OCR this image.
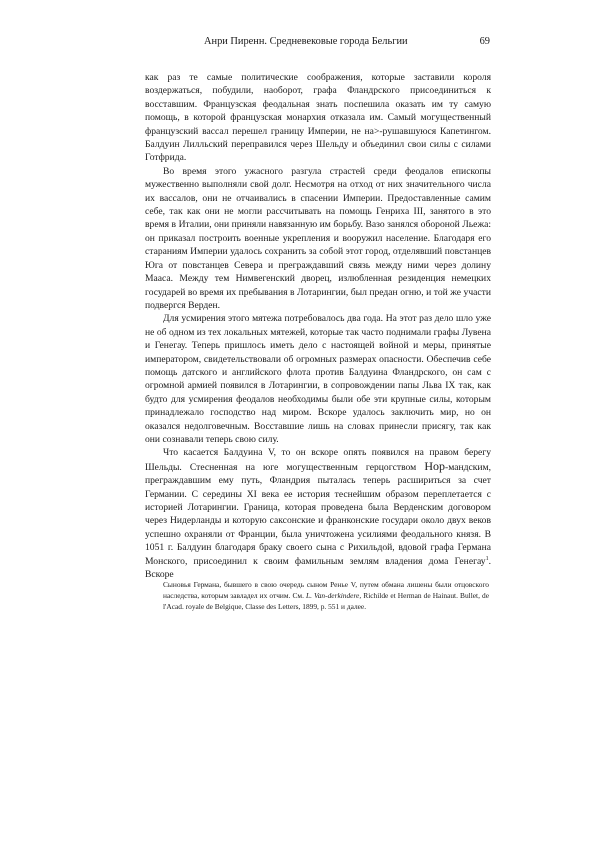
Анри Пиренн. Средневековые города Бельгии	69

как раз те самые политические соображения, которые заставили короля воздержаться, побудили, наоборот, графа Фландрского присоединиться к восставшим. Французская феодальная знать поспешила оказать им ту самую помощь, в которой французская монархия отказала им. Самый могущественный французский вассал перешел границу Империи, не на>-рушавшуюся Капетингом. Балдуин Лилльский переправился через Шельду и объединил свои силы с силами Готфрида.

Во время этого ужасного разгула страстей среди феодалов епископы мужественно выполняли свой долг. Несмотря на отход от них значительного числа их вассалов, они не отчаивались в спасении Империи. Предоставленные самим себе, так как они не могли рассчитывать на помощь Генриха III, занятого в это время в Италии, они приняли навязанную им борьбу. Вазо занялся обороной Льежа: он приказал построить военные укрепления и вооружил население. Благодаря его стараниям Империи удалось сохранить за собой этот город, отделявший повстанцев Юга от повстанцев Севера и преграждавший связь между ними через долину Мааса. Между тем Нимвегенский дворец, излюбленная резиденция немецких государей во время их пребывания в Лотарингии, был предан огню, и той же участи подвергся Верден.

Для усмирения этого мятежа потребовалось два года. На этот раз дело шло уже не об одном из тех локальных мятежей, которые так часто поднимали графы Лувена и Генегау. Теперь пришлось иметь дело с настоящей войной и меры, принятые императором, свидетельствовали об огромных размерах опасности. Обеспечив себе помощь датского и английского флота против Балдуина Фландрского, он сам с огромной армией появился в Лотарингии, в сопровождении папы Льва IX так, как будто для усмирения феодалов необходимы были обе эти крупные силы, которым принадлежало господство над миром. Вскоре удалось заключить мир, но он оказался недолговечным. Восставшие лишь на словах принесли присягу, так как они сознавали теперь свою силу.

Что касается Балдуина V, то он вскоре опять появился на правом берегу Шельды. Стесненная на юге могущественным герцогством Нор-мандским, преграждавшим ему путь, Фландрия пыталась теперь расшириться за счет Германии. С середины XI века ее история теснейшим образом переплетается с историей Лотарингии. Граница, которая проведена была Верденским договором через Нидерланды и которую саксонские и франконские государи около двух веков успешно охраняли от Франции, была уничтожена усилиями феодального князя. В 1051 г. Балдуин благодаря браку своего сына с Рихильдой, вдовой графа Германа Монского, присоединил к своим фамильным землям владения дома Генегау$^1$. Вскоре

Сыновья Германа, бывшего в свою очередь сыном Ренье V, путем обмана лишены были отцовского наследства, которым завладел их отчим. См. L. Van-derkindere, Richilde et Herman de Hainaut. Bullet, de l'Acad. royale de Belgique, Classe des Letters, 1899, p. 551 и далее.
